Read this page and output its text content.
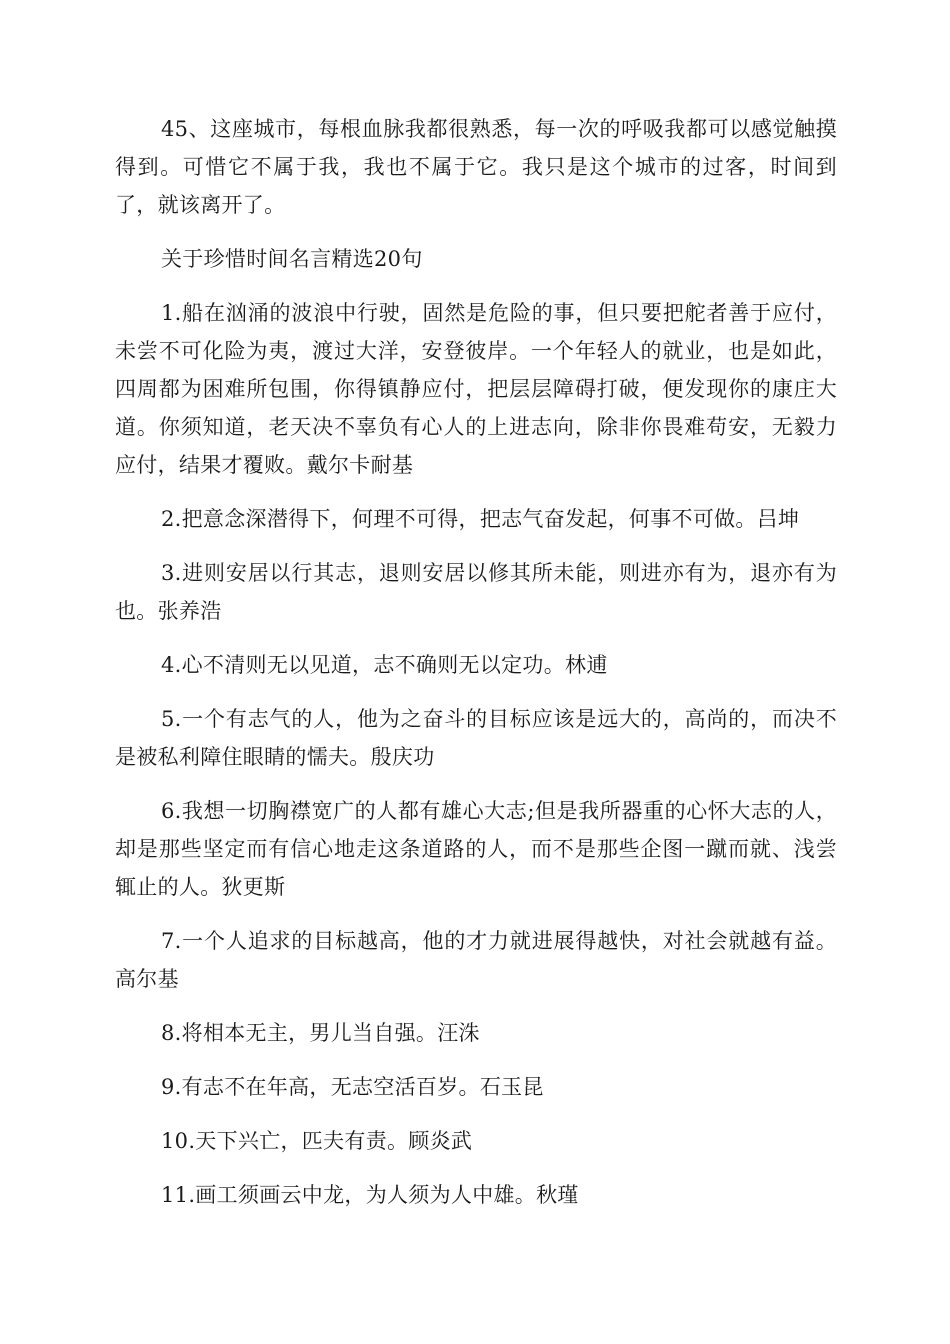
45、这座城市，每根血脉我都很熟悉，每一次的呼吸我都可以感觉触摸得到。可惜它不属于我，我也不属于它。我只是这个城市的过客，时间到了，就该离开了。

关于珍惜时间名言精选20句

1.船在汹涌的波浪中行驶，固然是危险的事，但只要把舵者善于应付，未尝不可化险为夷，渡过大洋，安登彼岸。一个年轻人的就业，也是如此，四周都为困难所包围，你得镇静应付，把层层障碍打破，便发现你的康庄大道。你须知道，老天决不辜负有心人的上进志向，除非你畏难苟安，无毅力应付，结果才覆败。戴尔卡耐基

2.把意念深潜得下，何理不可得，把志气奋发起，何事不可做。吕坤

3.进则安居以行其志，退则安居以修其所未能，则进亦有为，退亦有为也。张养浩

4.心不清则无以见道，志不确则无以定功。林逋

5.一个有志气的人，他为之奋斗的目标应该是远大的，高尚的，而决不是被私利障住眼睛的懦夫。殷庆功

6.我想一切胸襟宽广的人都有雄心大志;但是我所器重的心怀大志的人，却是那些坚定而有信心地走这条道路的人，而不是那些企图一蹴而就、浅尝辄止的人。狄更斯

7.一个人追求的目标越高，他的才力就进展得越快，对社会就越有益。高尔基

8.将相本无主，男儿当自强。汪洙

9.有志不在年高，无志空活百岁。石玉昆

10.天下兴亡，匹夫有责。顾炎武

11.画工须画云中龙，为人须为人中雄。秋瑾
